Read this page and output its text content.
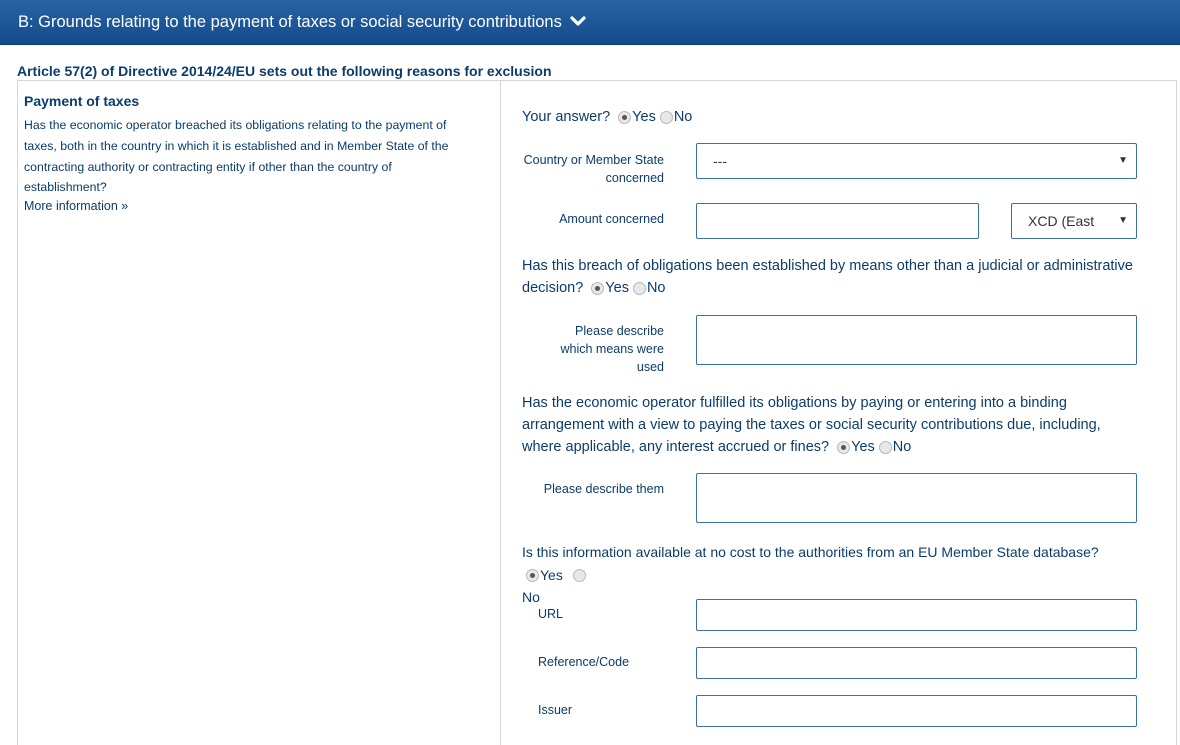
B: Grounds relating to the payment of taxes or social security contributions
Article 57(2) of Directive 2014/24/EU sets out the following reasons for exclusion
Payment of taxes
Has the economic operator breached its obligations relating to the payment of taxes, both in the country in which it is established and in Member State of the contracting authority or contracting entity if other than the country of establishment?
More information »
Your answer? Yes No
Country or Member State concerned
---	▼
Amount concerned	XCD (East ▼
Has this breach of obligations been established by means other than a judicial or administrative decision? Yes No
Please describe which means were used
Has the economic operator fulfilled its obligations by paying or entering into a binding arrangement with a view to paying the taxes or social security contributions due, including, where applicable, any interest accrued or fines? Yes No
Please describe them
Is this information available at no cost to the authorities from an EU Member State database?
Yes

No
URL
Reference/Code
Issuer
